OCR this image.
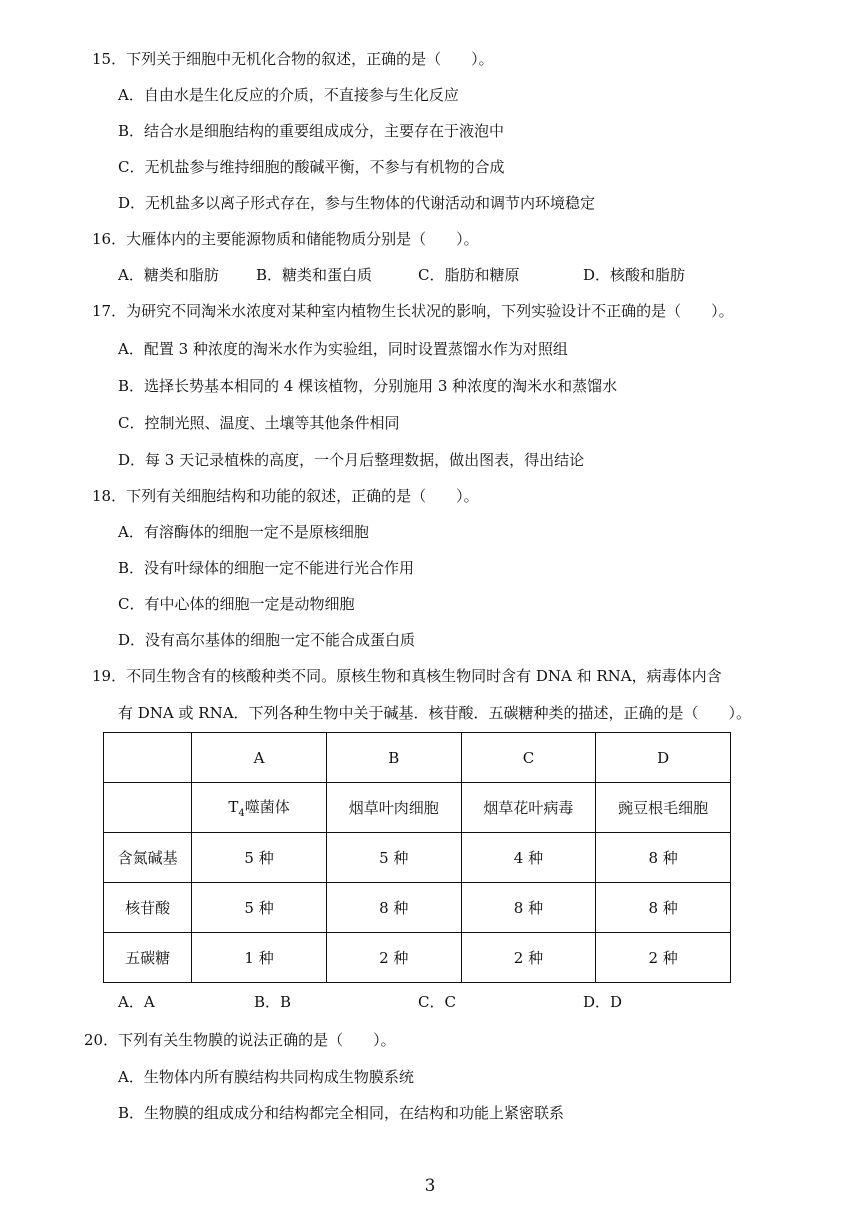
15．下列关于细胞中无机化合物的叙述，正确的是（　　）。
A．自由水是生化反应的介质，不直接参与生化反应
B．结合水是细胞结构的重要组成成分，主要存在于液泡中
C．无机盐参与维持细胞的酸碱平衡，不参与有机物的合成
D．无机盐多以离子形式存在，参与生物体的代谢活动和调节内环境稳定
16．大雁体内的主要能源物质和储能物质分别是（　　）。
A．糖类和脂肪 B．糖类和蛋白质	C．脂肪和糖原	D．核酸和脂肪
17．为研究不同淘米水浓度对某种室内植物生长状况的影响，下列实验设计不正确的是（　　）。
A．配置 3 种浓度的淘米水作为实验组，同时设置蒸馏水作为对照组
B．选择长势基本相同的 4 棵该植物，分别施用 3 种浓度的淘米水和蒸馏水
C．控制光照、温度、土壤等其他条件相同
D．每 3 天记录植株的高度，一个月后整理数据，做出图表，得出结论
18．下列有关细胞结构和功能的叙述，正确的是（　　）。
A．有溶酶体的细胞一定不是原核细胞
B．没有叶绿体的细胞一定不能进行光合作用
C．有中心体的细胞一定是动物细胞
D．没有高尔基体的细胞一定不能合成蛋白质
19．不同生物含有的核酸种类不同。原核生物和真核生物同时含有 DNA 和 RNA，病毒体内含
有 DNA 或 RNA．下列各种生物中关于碱基．核苷酸．五碳糖种类的描述，正确的是（　　）。
	A	B	C	D
	$T_4$噬菌体	烟草叶肉细胞	烟草花叶病毒	豌豆根毛细胞
含氮碱基	5 种	5 种	4 种	8 种
核苷酸	5 种	8 种	8 种	8 种
五碳糖	1 种	2 种	2 种	2 种
A．A	B．B	C．C	D．D
20．下列有关生物膜的说法正确的是（　　）。
A．生物体内所有膜结构共同构成生物膜系统
B．生物膜的组成成分和结构都完全相同，在结构和功能上紧密联系
3
